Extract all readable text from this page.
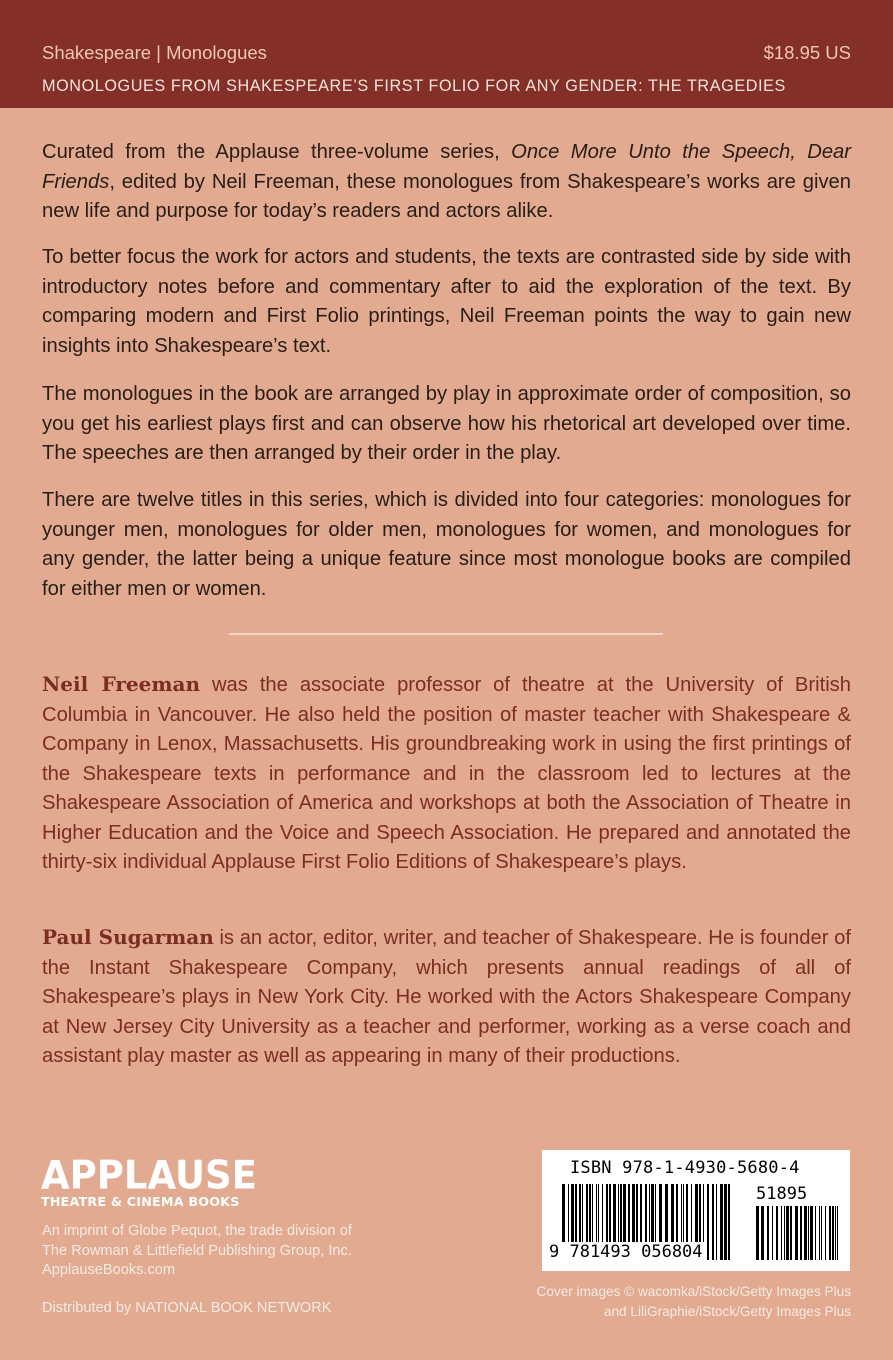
Shakespeare | Monologues	$18.95 US
MONOLOGUES FROM SHAKESPEARE’S FIRST FOLIO FOR ANY GENDER: THE TRAGEDIES

Curated from the Applause three-volume series, Once More Unto the Speech, Dear Friends, edited by Neil Freeman, these monologues from Shakespeare’s works are given new life and purpose for today’s readers and actors alike.

To better focus the work for actors and students, the texts are contrasted side by side with introductory notes before and commentary after to aid the exploration of the text. By comparing modern and First Folio printings, Neil Freeman points the way to gain new insights into Shakespeare’s text.

The monologues in the book are arranged by play in approximate order of composition, so you get his earliest plays first and can observe how his rhetorical art developed over time. The speeches are then arranged by their order in the play.

There are twelve titles in this series, which is divided into four categories: monologues for younger men, monologues for older men, monologues for women, and monologues for any gender, the latter being a unique feature since most monologue books are compiled for either men or women.

Neil Freeman was the associate professor of theatre at the University of British Columbia in Vancouver. He also held the position of master teacher with Shakespeare & Company in Lenox, Massachusetts. His groundbreaking work in using the first printings of the Shakespeare texts in performance and in the classroom led to lectures at the Shakespeare Association of America and workshops at both the Association of Theatre in Higher Education and the Voice and Speech Association. He prepared and annotated the thirty-six individual Applause First Folio Editions of Shakespeare’s plays.

Paul Sugarman is an actor, editor, writer, and teacher of Shakespeare. He is founder of the Instant Shakespeare Company, which presents annual readings of all of Shakespeare’s plays in New York City. He worked with the Actors Shakespeare Company at New Jersey City University as a teacher and performer, working as a verse coach and assistant play master as well as appearing in many of their productions.

APPLAUSE
THEATRE & CINEMA BOOKS
An imprint of Globe Pequot, the trade division of
The Rowman & Littlefield Publishing Group, Inc.
ApplauseBooks.com
Distributed by NATIONAL BOOK NETWORK
ISBN 978-1-4930-5680-4
51895
9 781493 056804
Cover images © wacomka/iStock/Getty Images Plus
and LiliGraphie/iStock/Getty Images Plus
